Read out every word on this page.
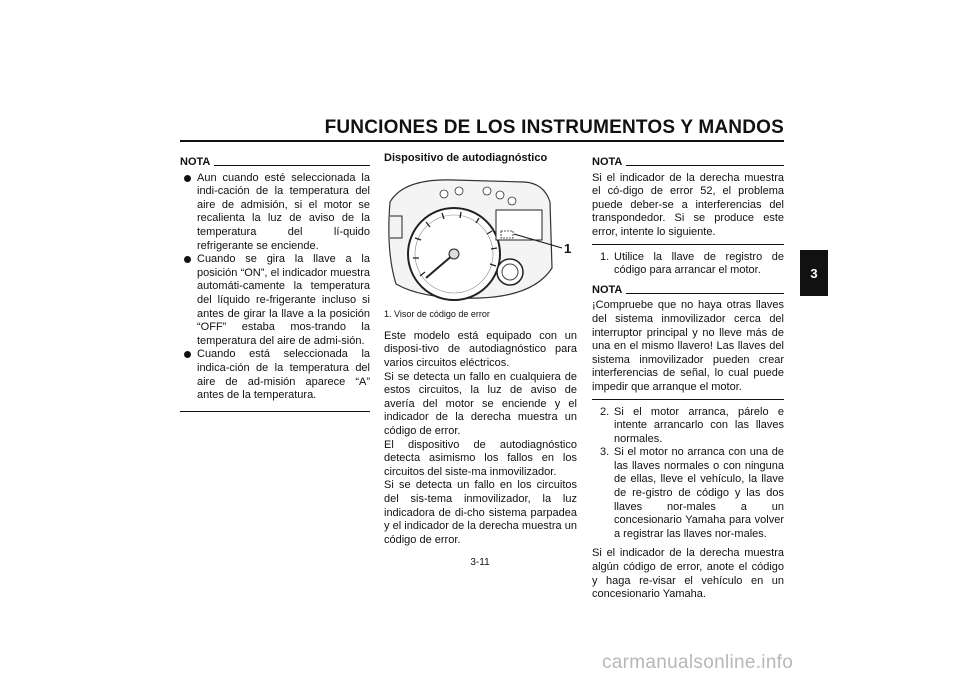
FUNCIONES DE LOS INSTRUMENTOS Y MANDOS
3
NOTA
Aun cuando esté seleccionada la indi-cación de la temperatura del aire de admisión, si el motor se recalienta la luz de aviso de la temperatura del lí-quido refrigerante se enciende.
Cuando se gira la llave a la posición “ON”, el indicador muestra automáti-camente la temperatura del líquido re-frigerante incluso si antes de girar la llave a la posición “OFF” estaba mos-trando la temperatura del aire de admi-sión.
Cuando está seleccionada la indica-ción de la temperatura del aire de ad-misión aparece “A” antes de la temperatura.
Dispositivo de autodiagnóstico
1
1. Visor de código de error

Este modelo está equipado con un disposi-tivo de autodiagnóstico para varios circuitos eléctricos.

Si se detecta un fallo en cualquiera de estos circuitos, la luz de aviso de avería del motor se enciende y el indicador de la derecha muestra un código de error.

El dispositivo de autodiagnóstico detecta asimismo los fallos en los circuitos del siste-ma inmovilizador.

Si se detecta un fallo en los circuitos del sis-tema inmovilizador, la luz indicadora de di-cho sistema parpadea y el indicador de la derecha muestra un código de error.

NOTA

Si el indicador de la derecha muestra el có-digo de error 52, el problema puede deber-se a interferencias del transpondedor. Si se produce este error, intente lo siguiente.

1. Utilice la llave de registro de código para arrancar el motor.
NOTA

¡Compruebe que no haya otras llaves del sistema inmovilizador cerca del interruptor principal y no lleve más de una en el mismo llavero! Las llaves del sistema inmovilizador pueden crear interferencias de señal, lo cual puede impedir que arranque el motor.

2. Si el motor arranca, párelo e intente arrancarlo con las llaves normales.
3. Si el motor no arranca con una de las llaves normales o con ninguna de ellas, lleve el vehículo, la llave de re-gistro de código y las dos llaves nor-males a un concesionario Yamaha para volver a registrar las llaves nor-males.

Si el indicador de la derecha muestra algún código de error, anote el código y haga re-visar el vehículo en un concesionario Yamaha.

3-11
carmanualsonline.info
